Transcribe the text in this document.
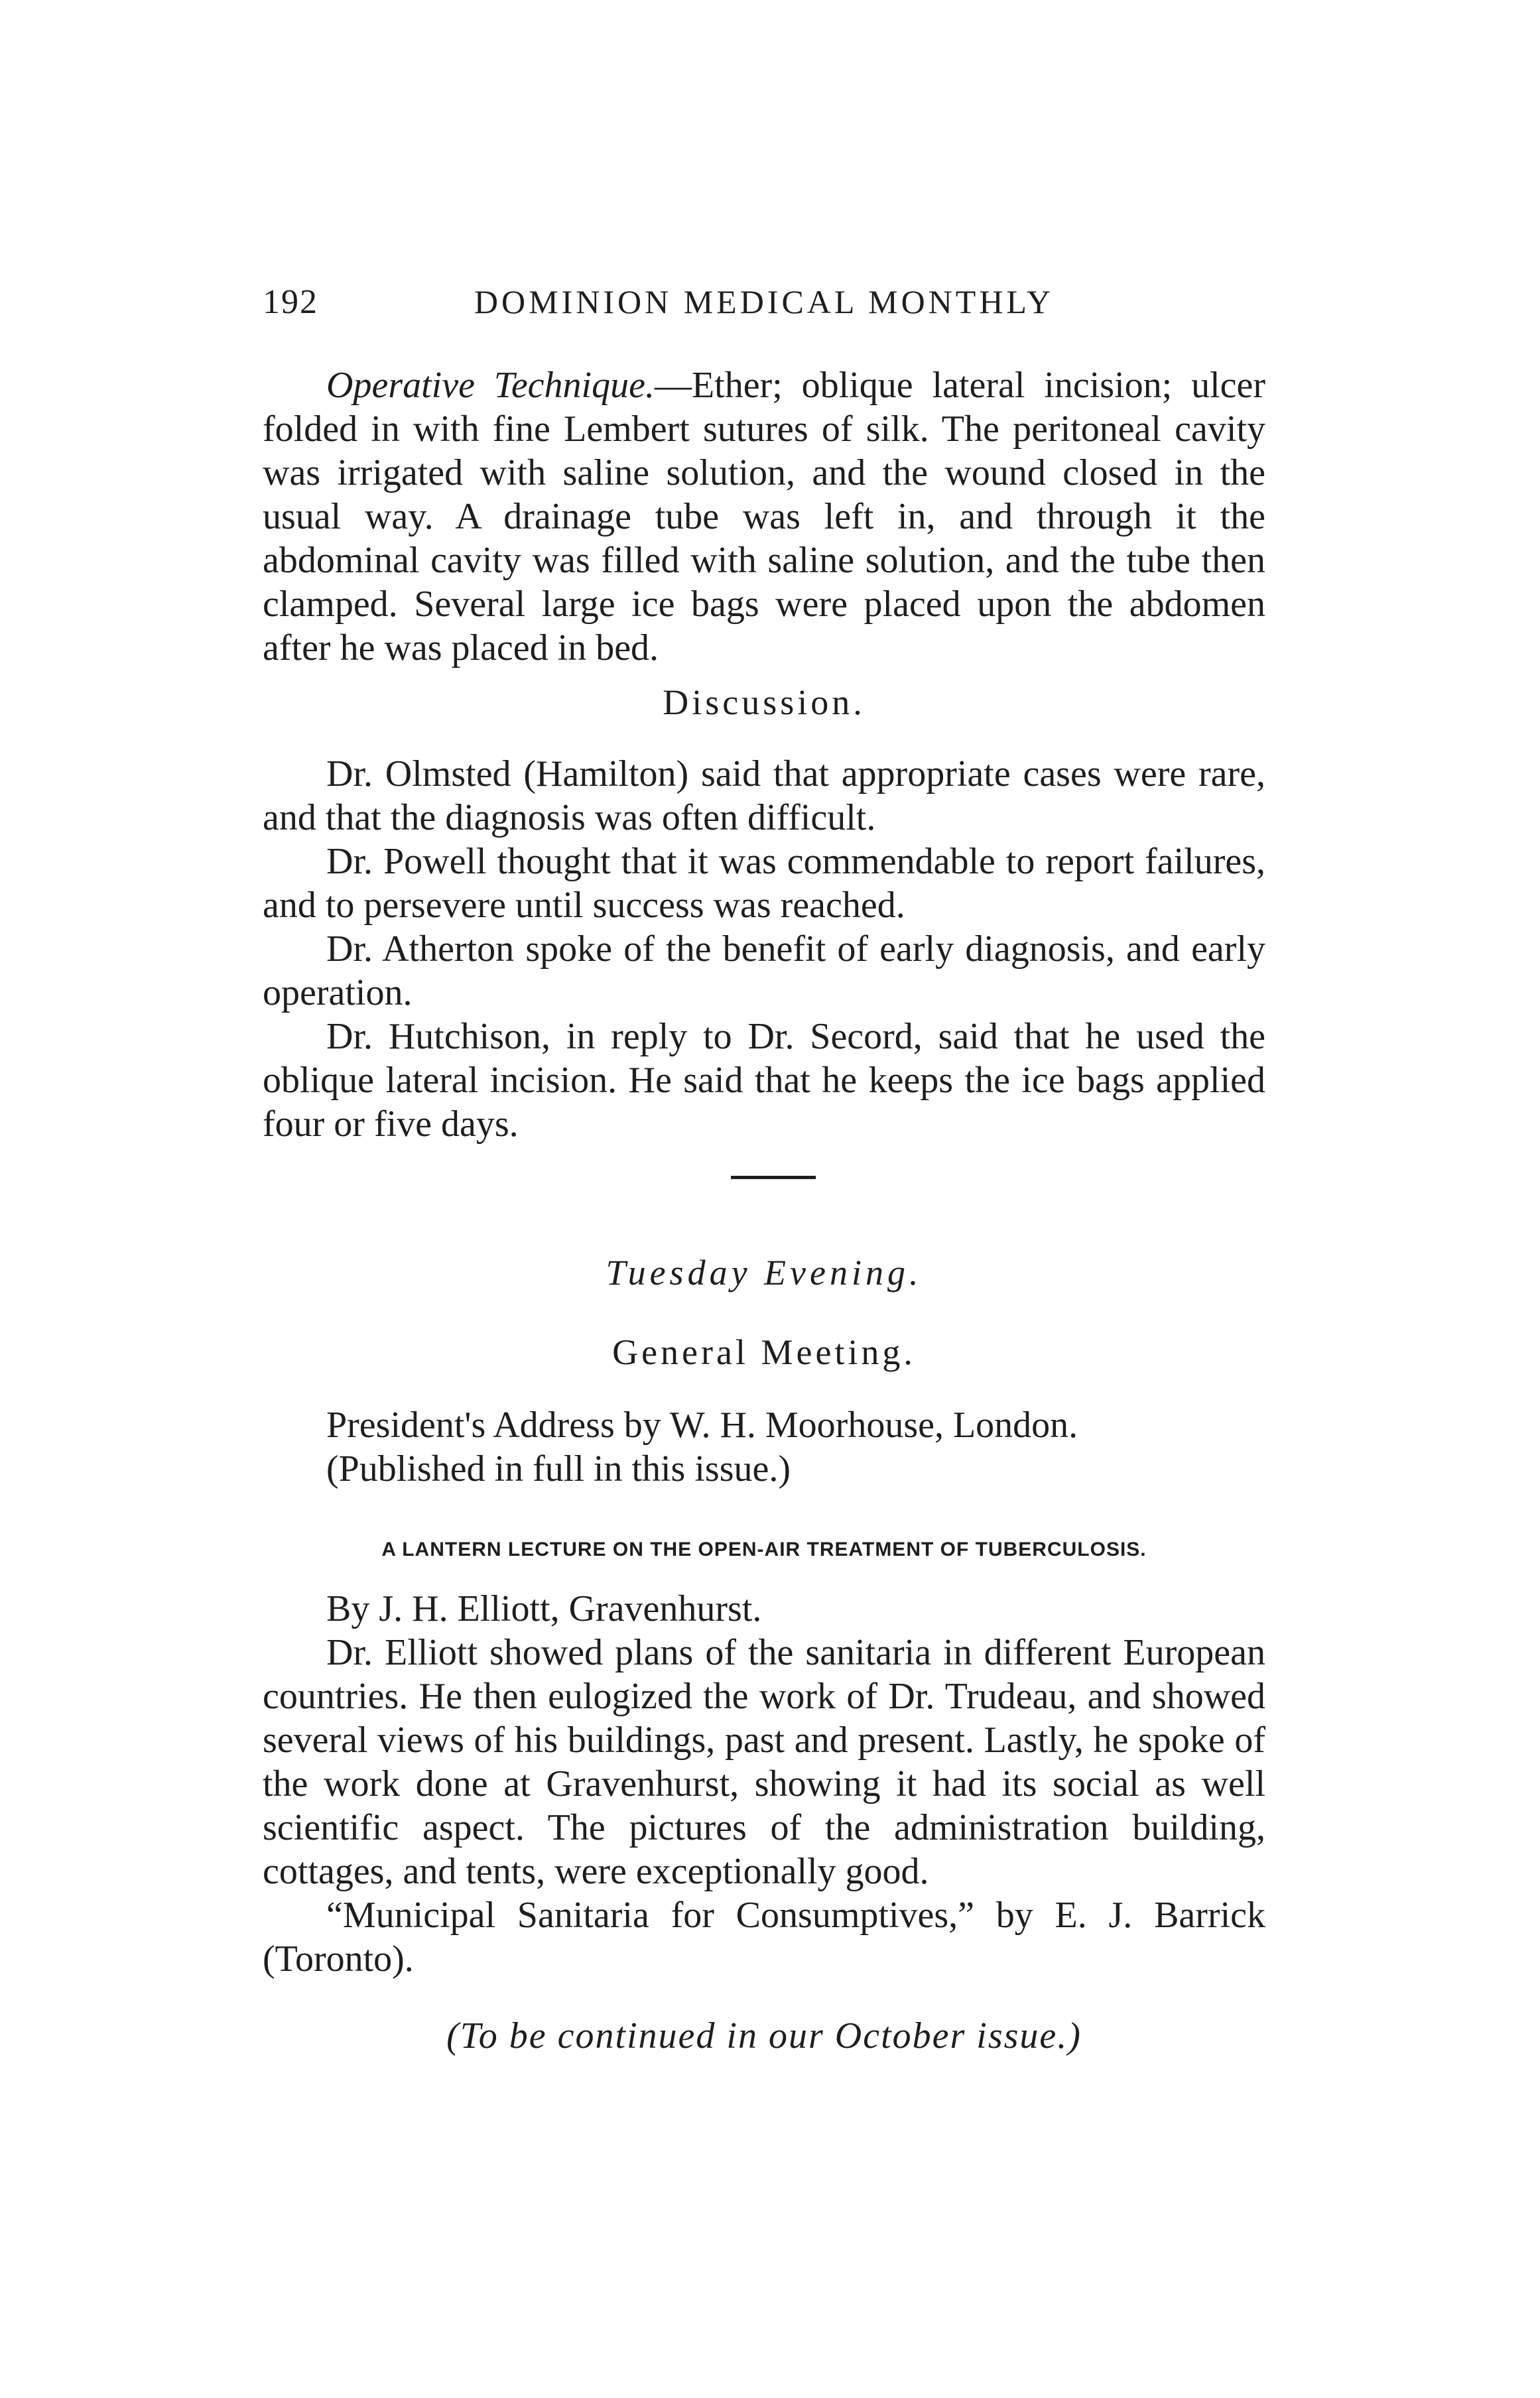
192	DOMINION MEDICAL MONTHLY

Operative Technique.—Ether; oblique lateral incision; ulcer folded in with fine Lembert sutures of silk. The peritoneal cavity was irrigated with saline solution, and the wound closed in the usual way. A drainage tube was left in, and through it the abdominal cavity was filled with saline solution, and the tube then clamped. Several large ice bags were placed upon the abdomen after he was placed in bed.

Discussion.

Dr. Olmsted (Hamilton) said that appropriate cases were rare, and that the diagnosis was often difficult.

Dr. Powell thought that it was commendable to report failures, and to persevere until success was reached.

Dr. Atherton spoke of the benefit of early diagnosis, and early operation.

Dr. Hutchison, in reply to Dr. Secord, said that he used the oblique lateral incision. He said that he keeps the ice bags applied four or five days.

Tuesday Evening.
General Meeting.

President's Address by W. H. Moorhouse, London.

(Published in full in this issue.)

A LANTERN LECTURE ON THE OPEN-AIR TREATMENT OF TUBERCULOSIS.

By J. H. Elliott, Gravenhurst.

Dr. Elliott showed plans of the sanitaria in different European countries. He then eulogized the work of Dr. Trudeau, and showed several views of his buildings, past and present. Lastly, he spoke of the work done at Gravenhurst, showing it had its social as well scientific aspect. The pictures of the administration building, cottages, and tents, were exceptionally good.

“Municipal Sanitaria for Consumptives,” by E. J. Barrick (Toronto).

(To be continued in our October issue.)
